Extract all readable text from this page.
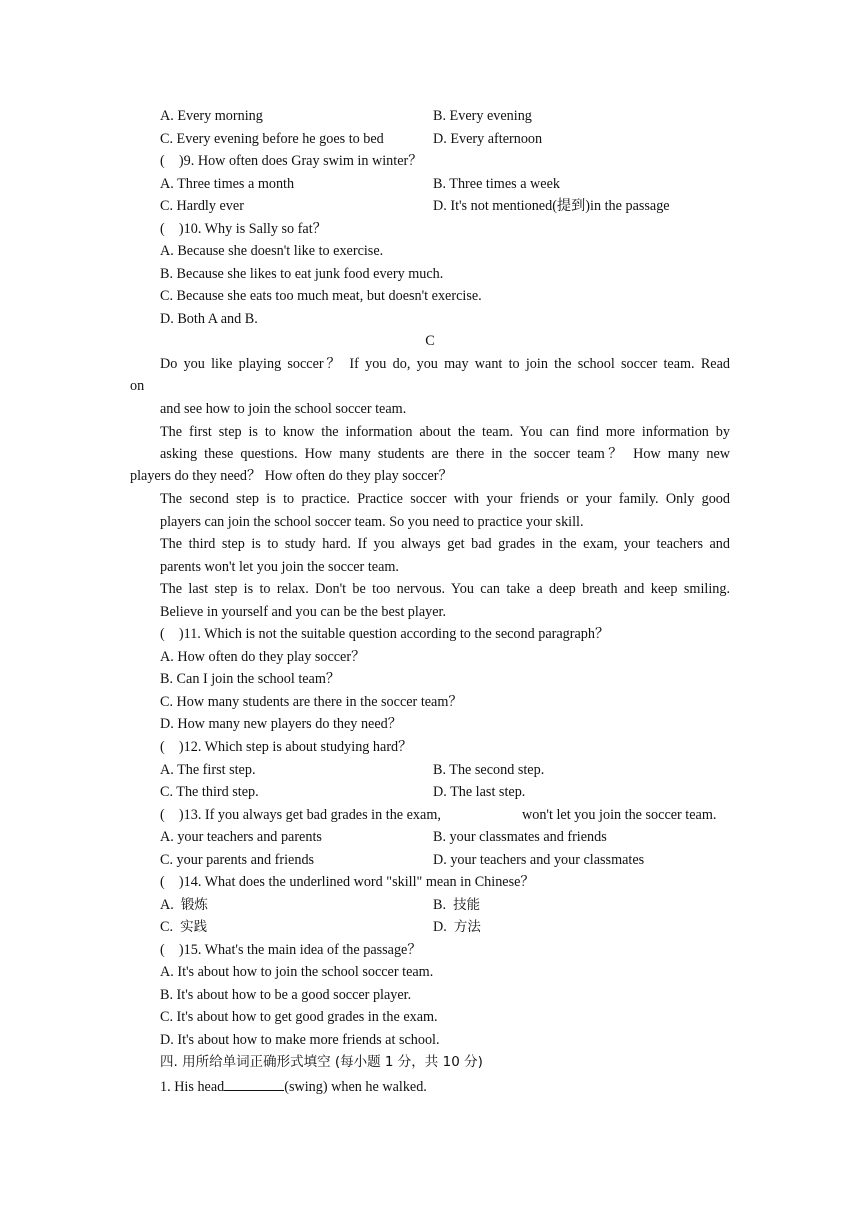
A. Every morning	B. Every evening
C. Every evening before he goes to bed	D. Every afternoon
(    )9. How often does Gray swim in winter？
A. Three times a month	B. Three times a week
C. Hardly ever	D. It's not mentioned(提到)in the passage
(    )10. Why is Sally so fat？
A. Because she doesn't like to exercise.
B. Because she likes to eat junk food every much.
C. Because she eats too much meat, but doesn't exercise.
D. Both A and B.
C
Do you like playing soccer？ If you do, you may want to join the school soccer team. Read
on
and see how to join the school soccer team.
The first step is to know the information about the team. You can find more information by
asking these questions. How many students are there in the soccer team？ How many new
players do they need？ How often do they play soccer？
The second step is to practice. Practice soccer with your friends or your family. Only good
players can join the school soccer team. So you need to practice your skill.
The third step is to study hard. If you always get bad grades in the exam, your teachers and
parents won't let you join the soccer team.
The last step is to relax. Don't be too nervous. You can take a deep breath and keep smiling.
Believe in yourself and you can be the best player.
(    )11. Which is not the suitable question according to the second paragraph？
A. How often do they play soccer？
B. Can I join the school team？
C. How many students are there in the soccer team？
D. How many new players do they need？
(    )12. Which step is about studying hard？
A. The first step.	B. The second step.
C. The third step.	D. The last step.
(    )13. If you always get bad grades in the exam,	won't let you join the soccer team.
A. your teachers and parents	B. your classmates and friends
C. your parents and friends	D. your teachers and your classmates
(    )14. What does the underlined word "skill" mean in Chinese？
A. 锻炼	B. 技能
C. 实践	D. 方法
(    )15. What's the main idea of the passage？
A. It's about how to join the school soccer team.
B. It's about how to be a good soccer player.
C. It's about how to get good grades in the exam.
D. It's about how to make more friends at school.
四. 用所给单词正确形式填空 (每小题 1 分，共 10 分)
1. His head	(swing) when he walked.
